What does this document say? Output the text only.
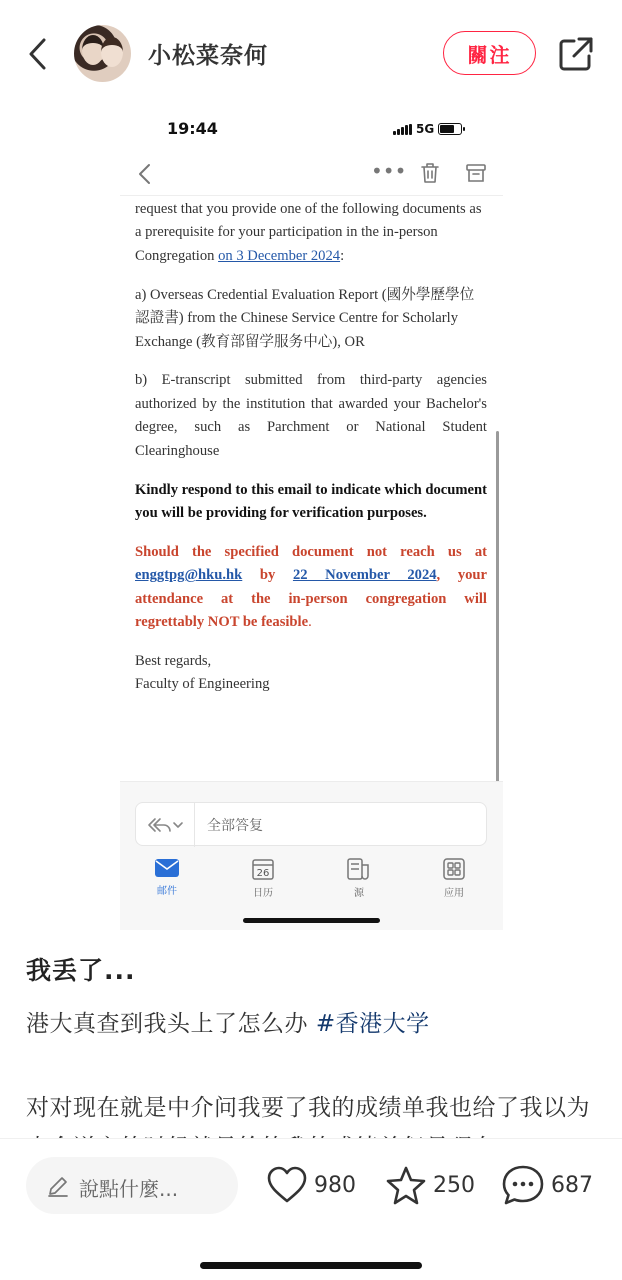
小松菜奈何	關注
19:44	5G
•••

request that you provide one of the following documents as a prerequisite for your participation in the in-person Congregation on 3 December 2024:

a) Overseas Credential Evaluation Report (國外學歷學位認證書) from the Chinese Service Centre for Scholarly Exchange (教育部留学服务中心), OR

b) E-transcript submitted from third-party agencies authorized by the institution that awarded your Bachelor's degree, such as Parchment or National Student Clearinghouse

Kindly respond to this email to indicate which document you will be providing for verification purposes.

Should the specified document not reach us at enggtpg@hku.hk by 22 November 2024, your attendance at the in-person congregation will regrettably NOT be feasible.

Best regards,
Faculty of Engineering
全部答复
邮件
26
日历	源	应用
我丢了...
港大真查到我头上了怎么办 #香港大学
对对现在就是中介问我要了我的成绩单我也给了我以为
說點什麼...	980	250	687
